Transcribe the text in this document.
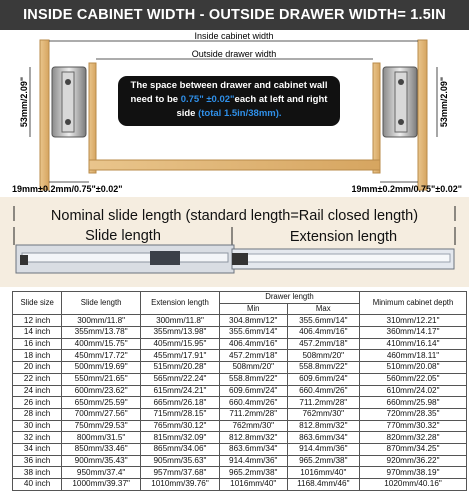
INSIDE CABINET WIDTH - OUTSIDE DRAWER WIDTH= 1.5IN
Inside cabinet width
Outside drawer width
53mm/2.09"	53mm/2.09"
19mm±0.2mm/0.75"±0.02"	19mm±0.2mm/0.75"±0.02"
The space between drawer and cabinet wall need to be 0.75" ±0.02"each at left and right side (total 1.5in/38mm).
Nominal slide length (standard length=Rail closed length)
Slide length	Extension length
Slide size	Slide length	Extension length	Drawer length		Minimum cabinet depth
			Min	Max	
12 inch	300mm/11.8"	300mm/11.8"	304.8mm/12"	355.6mm/14"	310mm/12.21"
14 inch	355mm/13.78"	355mm/13.98"	355.6mm/14"	406.4mm/16"	360mm/14.17"
16 inch	400mm/15.75"	405mm/15.95"	406.4mm/16"	457.2mm/18"	410mm/16.14"
18 inch	450mm/17.72"	455mm/17.91"	457.2mm/18"	508mm/20"	460mm/18.11"
20 inch	500mm/19.69"	515mm/20.28"	508mm/20"	558.8mm/22"	510mm/20.08"
22 inch	550mm/21.65"	565mm/22.24"	558.8mm/22"	609.6mm/24"	560mm/22.05"
24 inch	600mm/23.62"	615mm/24.21"	609.6mm/24"	660.4mm/26"	610mm/24.02"
26 inch	650mm/25.59"	665mm/26.18"	660.4mm/26"	711.2mm/28"	660mm/25.98"
28 inch	700mm/27.56"	715mm/28.15"	711.2mm/28"	762mm/30"	720mm/28.35"
30 inch	750mm/29.53"	765mm/30.12"	762mm/30"	812.8mm/32"	770mm/30.32"
32 inch	800mm/31.5"	815mm/32.09"	812.8mm/32"	863.6mm/34"	820mm/32.28"
34 inch	850mm/33.46"	865mm/34.06"	863.6mm/34"	914.4mm/36"	870mm/34.25"
36 inch	900mm/35.43"	905mm/35.63"	914.4mm/36"	965.2mm/38"	920mm/36.22"
38 inch	950mm/37.4"	957mm/37.68"	965.2mm/38"	1016mm/40"	970mm/38.19"
40 inch	1000mm/39.37"	1010mm/39.76"	1016mm/40"	1168.4mm/46"	1020mm/40.16"
